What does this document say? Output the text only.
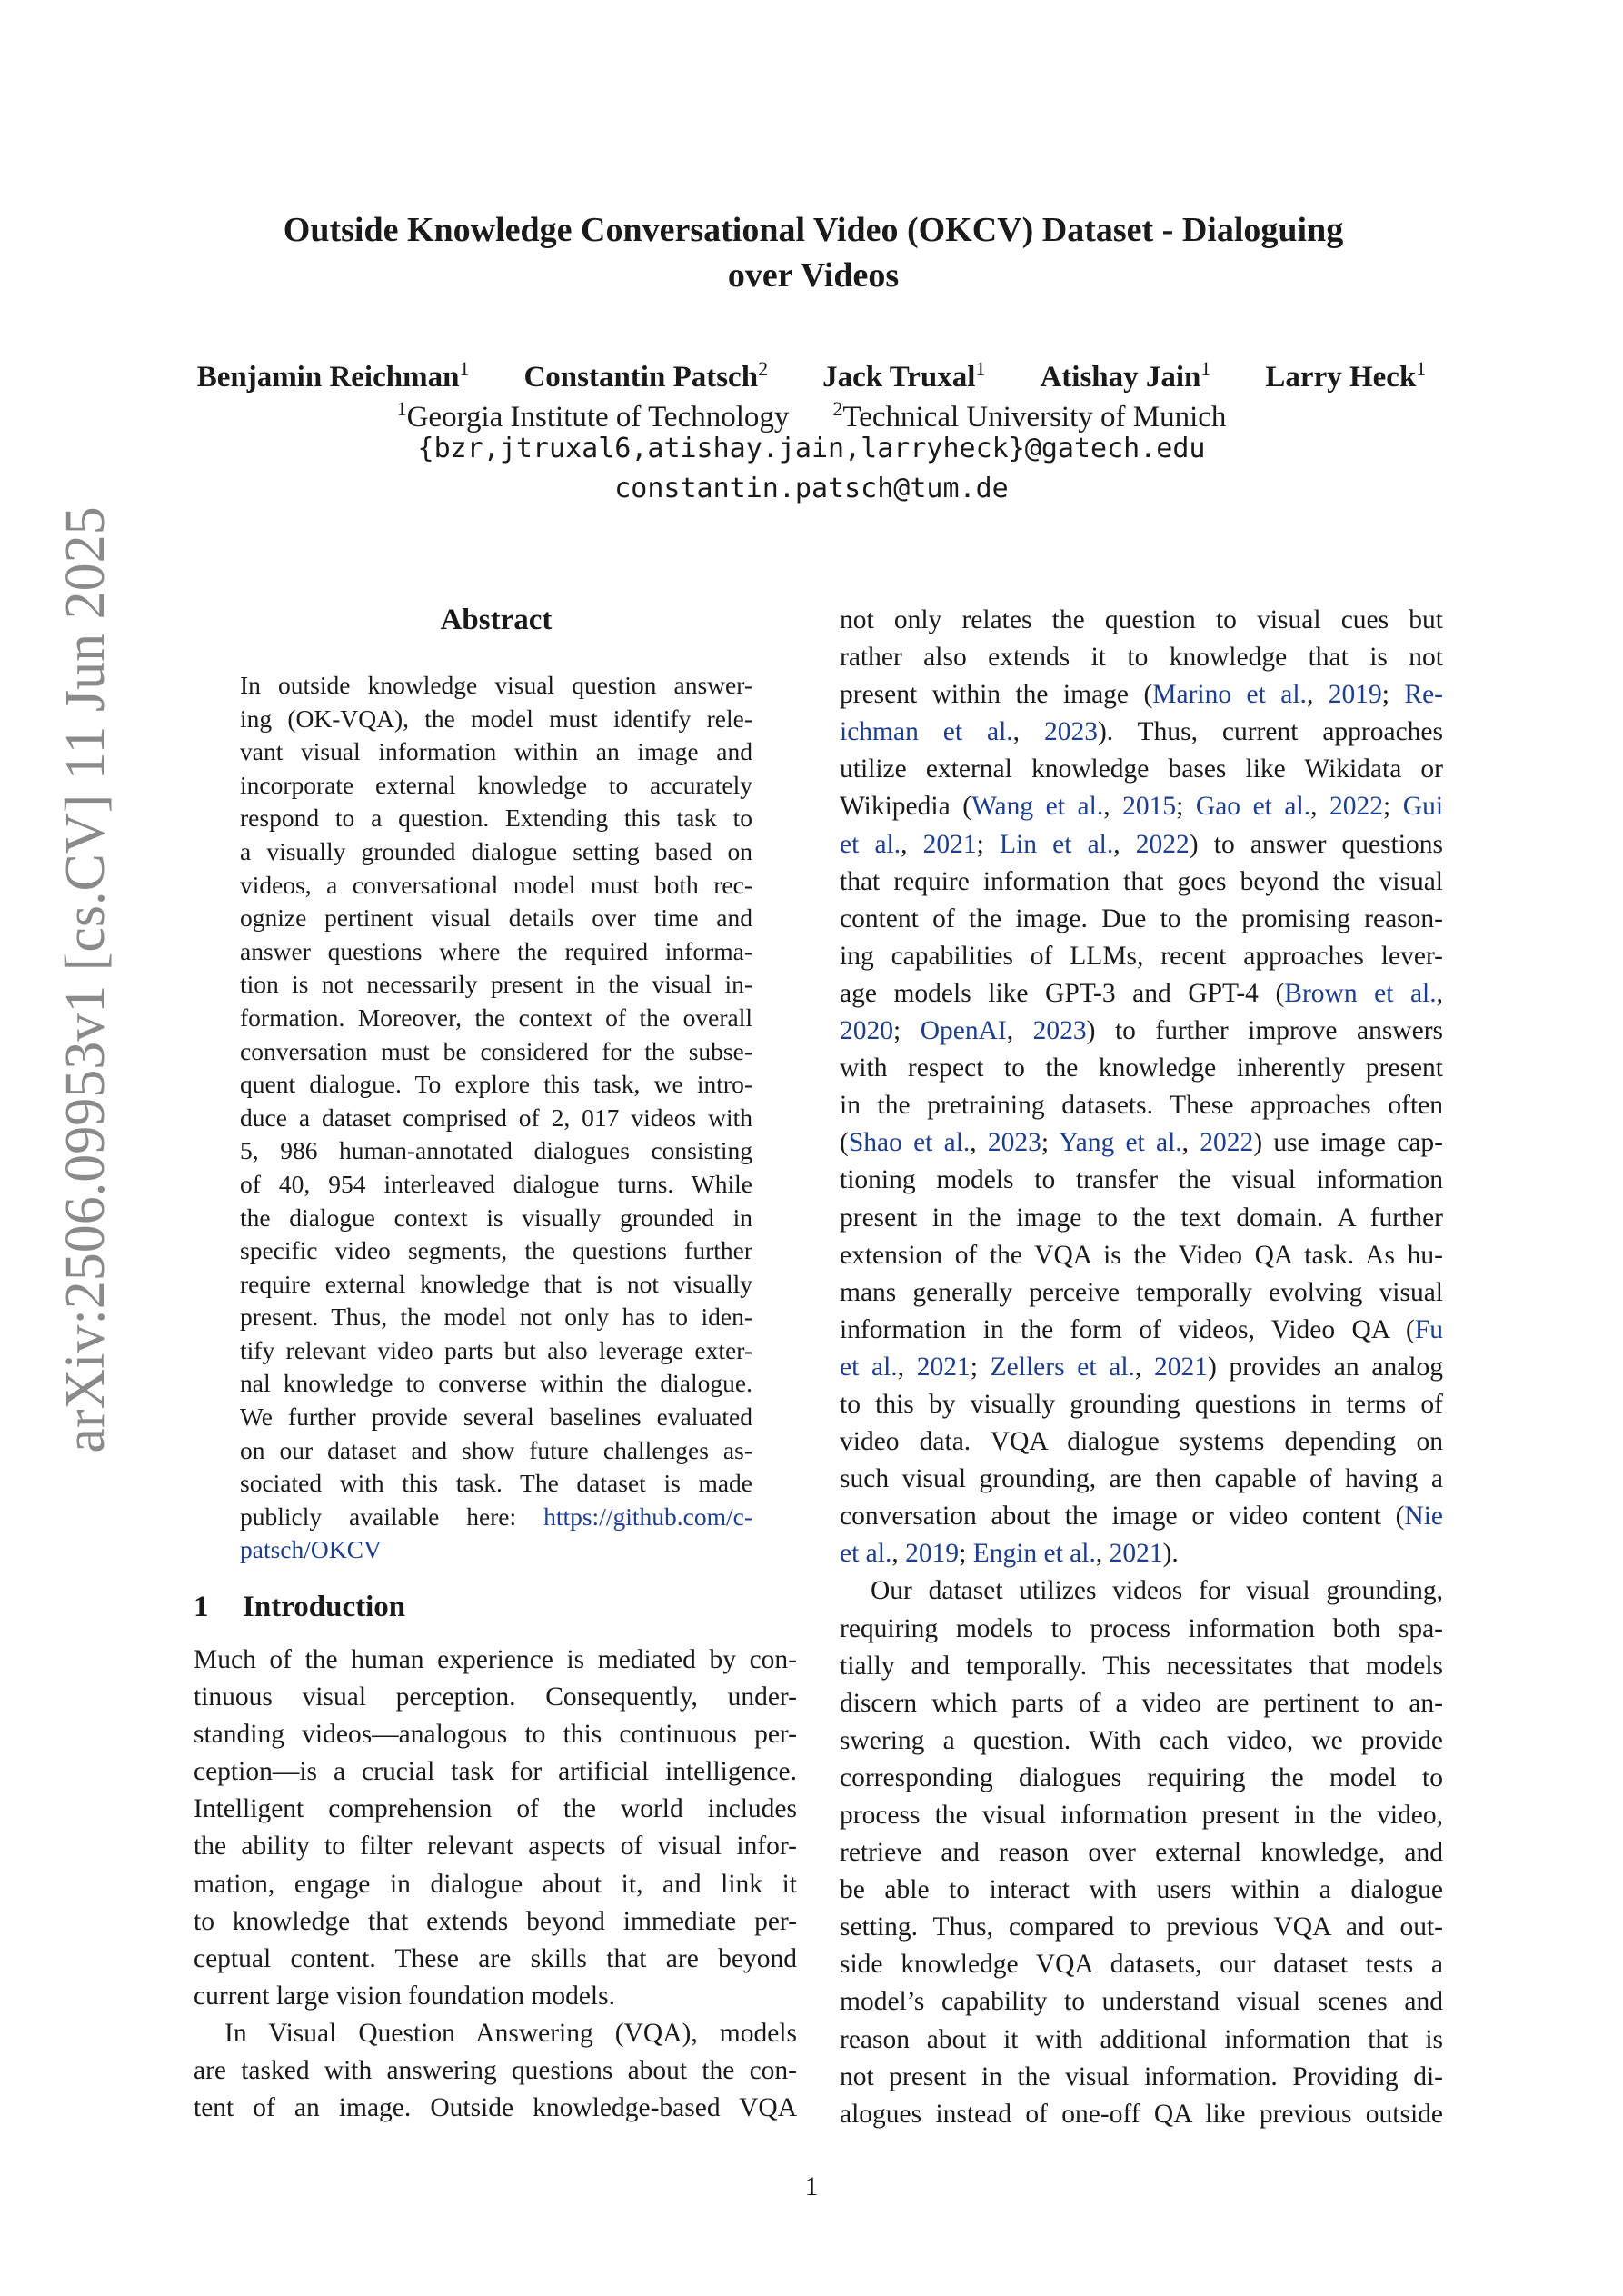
arXiv:2506.09953v1 [cs.CV] 11 Jun 2025
Outside Knowledge Conversational Video (OKCV) Dataset - Dialoguing
over Videos
Benjamin Reichman$^1$ Constantin Patsch$^2$ Jack Truxal$^1$ Atishay Jain$^1$ Larry Heck$^1$
$^1$Georgia Institute of Technology $^2$Technical University of Munich
{bzr,jtruxal6,atishay.jain,larryheck}@gatech.edu
constantin.patsch@tum.de
Abstract
In outside knowledge visual question answer-
ing (OK-VQA), the model must identify rele-
vant visual information within an image and
incorporate external knowledge to accurately
respond to a question. Extending this task to
a visually grounded dialogue setting based on
videos, a conversational model must both rec-
ognize pertinent visual details over time and
answer questions where the required informa-
tion is not necessarily present in the visual in-
formation. Moreover, the context of the overall
conversation must be considered for the subse-
quent dialogue. To explore this task, we intro-
duce a dataset comprised of 2, 017 videos with
5, 986 human-annotated dialogues consisting
of 40, 954 interleaved dialogue turns. While
the dialogue context is visually grounded in
specific video segments, the questions further
require external knowledge that is not visually
present. Thus, the model not only has to iden-
tify relevant video parts but also leverage exter-
nal knowledge to converse within the dialogue.
We further provide several baselines evaluated
on our dataset and show future challenges as-
sociated with this task. The dataset is made
publicly available here: https://github.com/c-
patsch/OKCV
1 Introduction
Much of the human experience is mediated by con-
tinuous visual perception. Consequently, under-
standing videos—analogous to this continuous per-
ception—is a crucial task for artificial intelligence.
Intelligent comprehension of the world includes
the ability to filter relevant aspects of visual infor-
mation, engage in dialogue about it, and link it
to knowledge that extends beyond immediate per-
ceptual content. These are skills that are beyond
current large vision foundation models.
In Visual Question Answering (VQA), models
are tasked with answering questions about the con-
tent of an image. Outside knowledge-based VQA
not only relates the question to visual cues but
rather also extends it to knowledge that is not
present within the image (Marino et al., 2019; Re-
ichman et al., 2023). Thus, current approaches
utilize external knowledge bases like Wikidata or
Wikipedia (Wang et al., 2015; Gao et al., 2022; Gui
et al., 2021; Lin et al., 2022) to answer questions
that require information that goes beyond the visual
content of the image. Due to the promising reason-
ing capabilities of LLMs, recent approaches lever-
age models like GPT-3 and GPT-4 (Brown et al.,
2020; OpenAI, 2023) to further improve answers
with respect to the knowledge inherently present
in the pretraining datasets. These approaches often
(Shao et al., 2023; Yang et al., 2022) use image cap-
tioning models to transfer the visual information
present in the image to the text domain. A further
extension of the VQA is the Video QA task. As hu-
mans generally perceive temporally evolving visual
information in the form of videos, Video QA (Fu
et al., 2021; Zellers et al., 2021) provides an analog
to this by visually grounding questions in terms of
video data. VQA dialogue systems depending on
such visual grounding, are then capable of having a
conversation about the image or video content (Nie
et al., 2019; Engin et al., 2021).
Our dataset utilizes videos for visual grounding,
requiring models to process information both spa-
tially and temporally. This necessitates that models
discern which parts of a video are pertinent to an-
swering a question. With each video, we provide
corresponding dialogues requiring the model to
process the visual information present in the video,
retrieve and reason over external knowledge, and
be able to interact with users within a dialogue
setting. Thus, compared to previous VQA and out-
side knowledge VQA datasets, our dataset tests a
model’s capability to understand visual scenes and
reason about it with additional information that is
not present in the visual information. Providing di-
alogues instead of one-off QA like previous outside
1
